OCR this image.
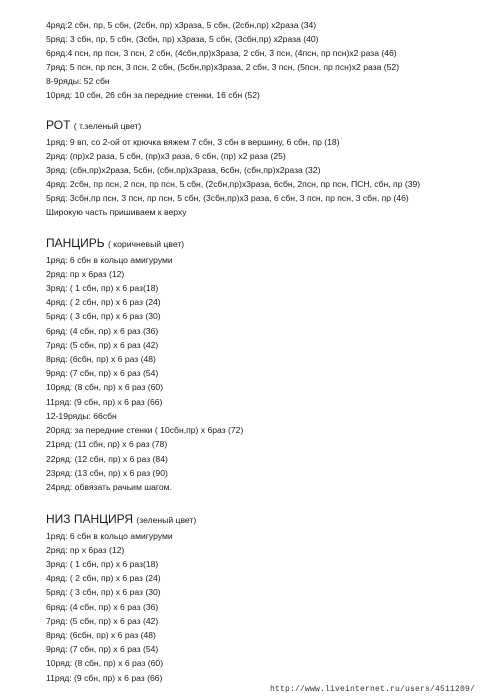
4ряд:2 сбн, пр, 5 сбн, (2сбн, пр) х3раза, 5 сбн, (2сбн,пр) х2раза (34)
5ряд: 3 сбн, пр, 5 сбн, (3сбн, пр) х3раза, 5 сбн, (3сбн,пр) х2раза (40)
6ряд:4 псн, пр псн, 3 псн, 2 сбн, (4сбн,пр)х3раза, 2 сбн, 3 псн, (4псн, пр псн)х2 раза (46)
7ряд: 5 псн, пр псн, 3 псн, 2 сбн, (5сбн,пр)х3раза, 2 сбн, 3 псн, (5псн, пр псн)х2 раза (52)
8-9ряды: 52 сбн
10ряд: 10 сбн, 26 сбн за передние стенки, 16 сбн (52)
РОТ ( т.зеленый цвет)
1ряд: 9 вп, со 2-ой от крючка вяжем 7 сбн, 3 сбн в вершину, 6 сбн, пр (18)
2ряд: (пр)х2 раза, 5 сбн, (пр)х3 раза, 6 сбн, (пр) х2 раза (25)
3ряд: (сбн,пр)х2раза, 5сбн, (сбн,пр)х3раза, 6сбн, (сбн,пр)х2раза (32)
4ряд: 2сбн, пр псн, 2 псн, пр псн, 5 сбн, (2сбн,пр)х3раза, 6сбн, 2псн, пр псн, ПСН, сбн, пр (39)
5ряд: 3сбн,пр псн, 3 псн, пр псн, 5 сбн, (3сбн,пр)х3 раза, 6 сбн, 3 псн, пр псн, 3 сбн, пр (46)
Широкую часть пришиваем к верху
ПАНЦИРЬ ( коричневый цвет)
1ряд: 6 сбн в кольцо амигуруми
2ряд: пр х 6раз (12)
3ряд: ( 1 сбн, пр) х 6 раз(18)
4ряд: ( 2 сбн, пр) х 6 раз (24)
5ряд: ( 3 сбн, пр) х 6 раз (30)
6ряд: (4 сбн, пр) х 6 раз (36)
7ряд: (5 сбн, пр) х 6 раз (42)
8ряд: (6сбн, пр) х 6 раз (48)
9ряд: (7 сбн, пр) х 6 раз (54)
10ряд: (8 сбн, пр) х 6 раз (60)
11ряд: (9 сбн, пр) х 6 раз (66)
12-19ряды: 66сбн
20ряд: за передние стенки ( 10сбн,пр) х 6раз (72)
21ряд: (11 сбн, пр) х 6 раз (78)
22ряд: (12 сбн, пр) х 6 раз (84)
23ряд: (13 сбн, пр) х 6 раз (90)
24ряд: обвязать рачьим шагом.
НИЗ ПАНЦИРЯ (зеленый цвет)
1ряд: 6 сбн в кольцо амигуруми
2ряд: пр х 6раз (12)
3ряд: ( 1 сбн, пр) х 6 раз(18)
4ряд: ( 2 сбн, пр) х 6 раз (24)
5ряд: ( 3 сбн, пр) х 6 раз (30)
6ряд: (4 сбн, пр) х 6 раз (36)
7ряд: (5 сбн, пр) х 6 раз (42)
8ряд: (6сбн, пр) х 6 раз (48)
9ряд: (7 сбн, пр) х 6 раз (54)
10ряд: (8 сбн, пр) х 6 раз (60)
11ряд: (9 сбн, пр) х 6 раз (66)
http://www.liveinternet.ru/users/4511209/
